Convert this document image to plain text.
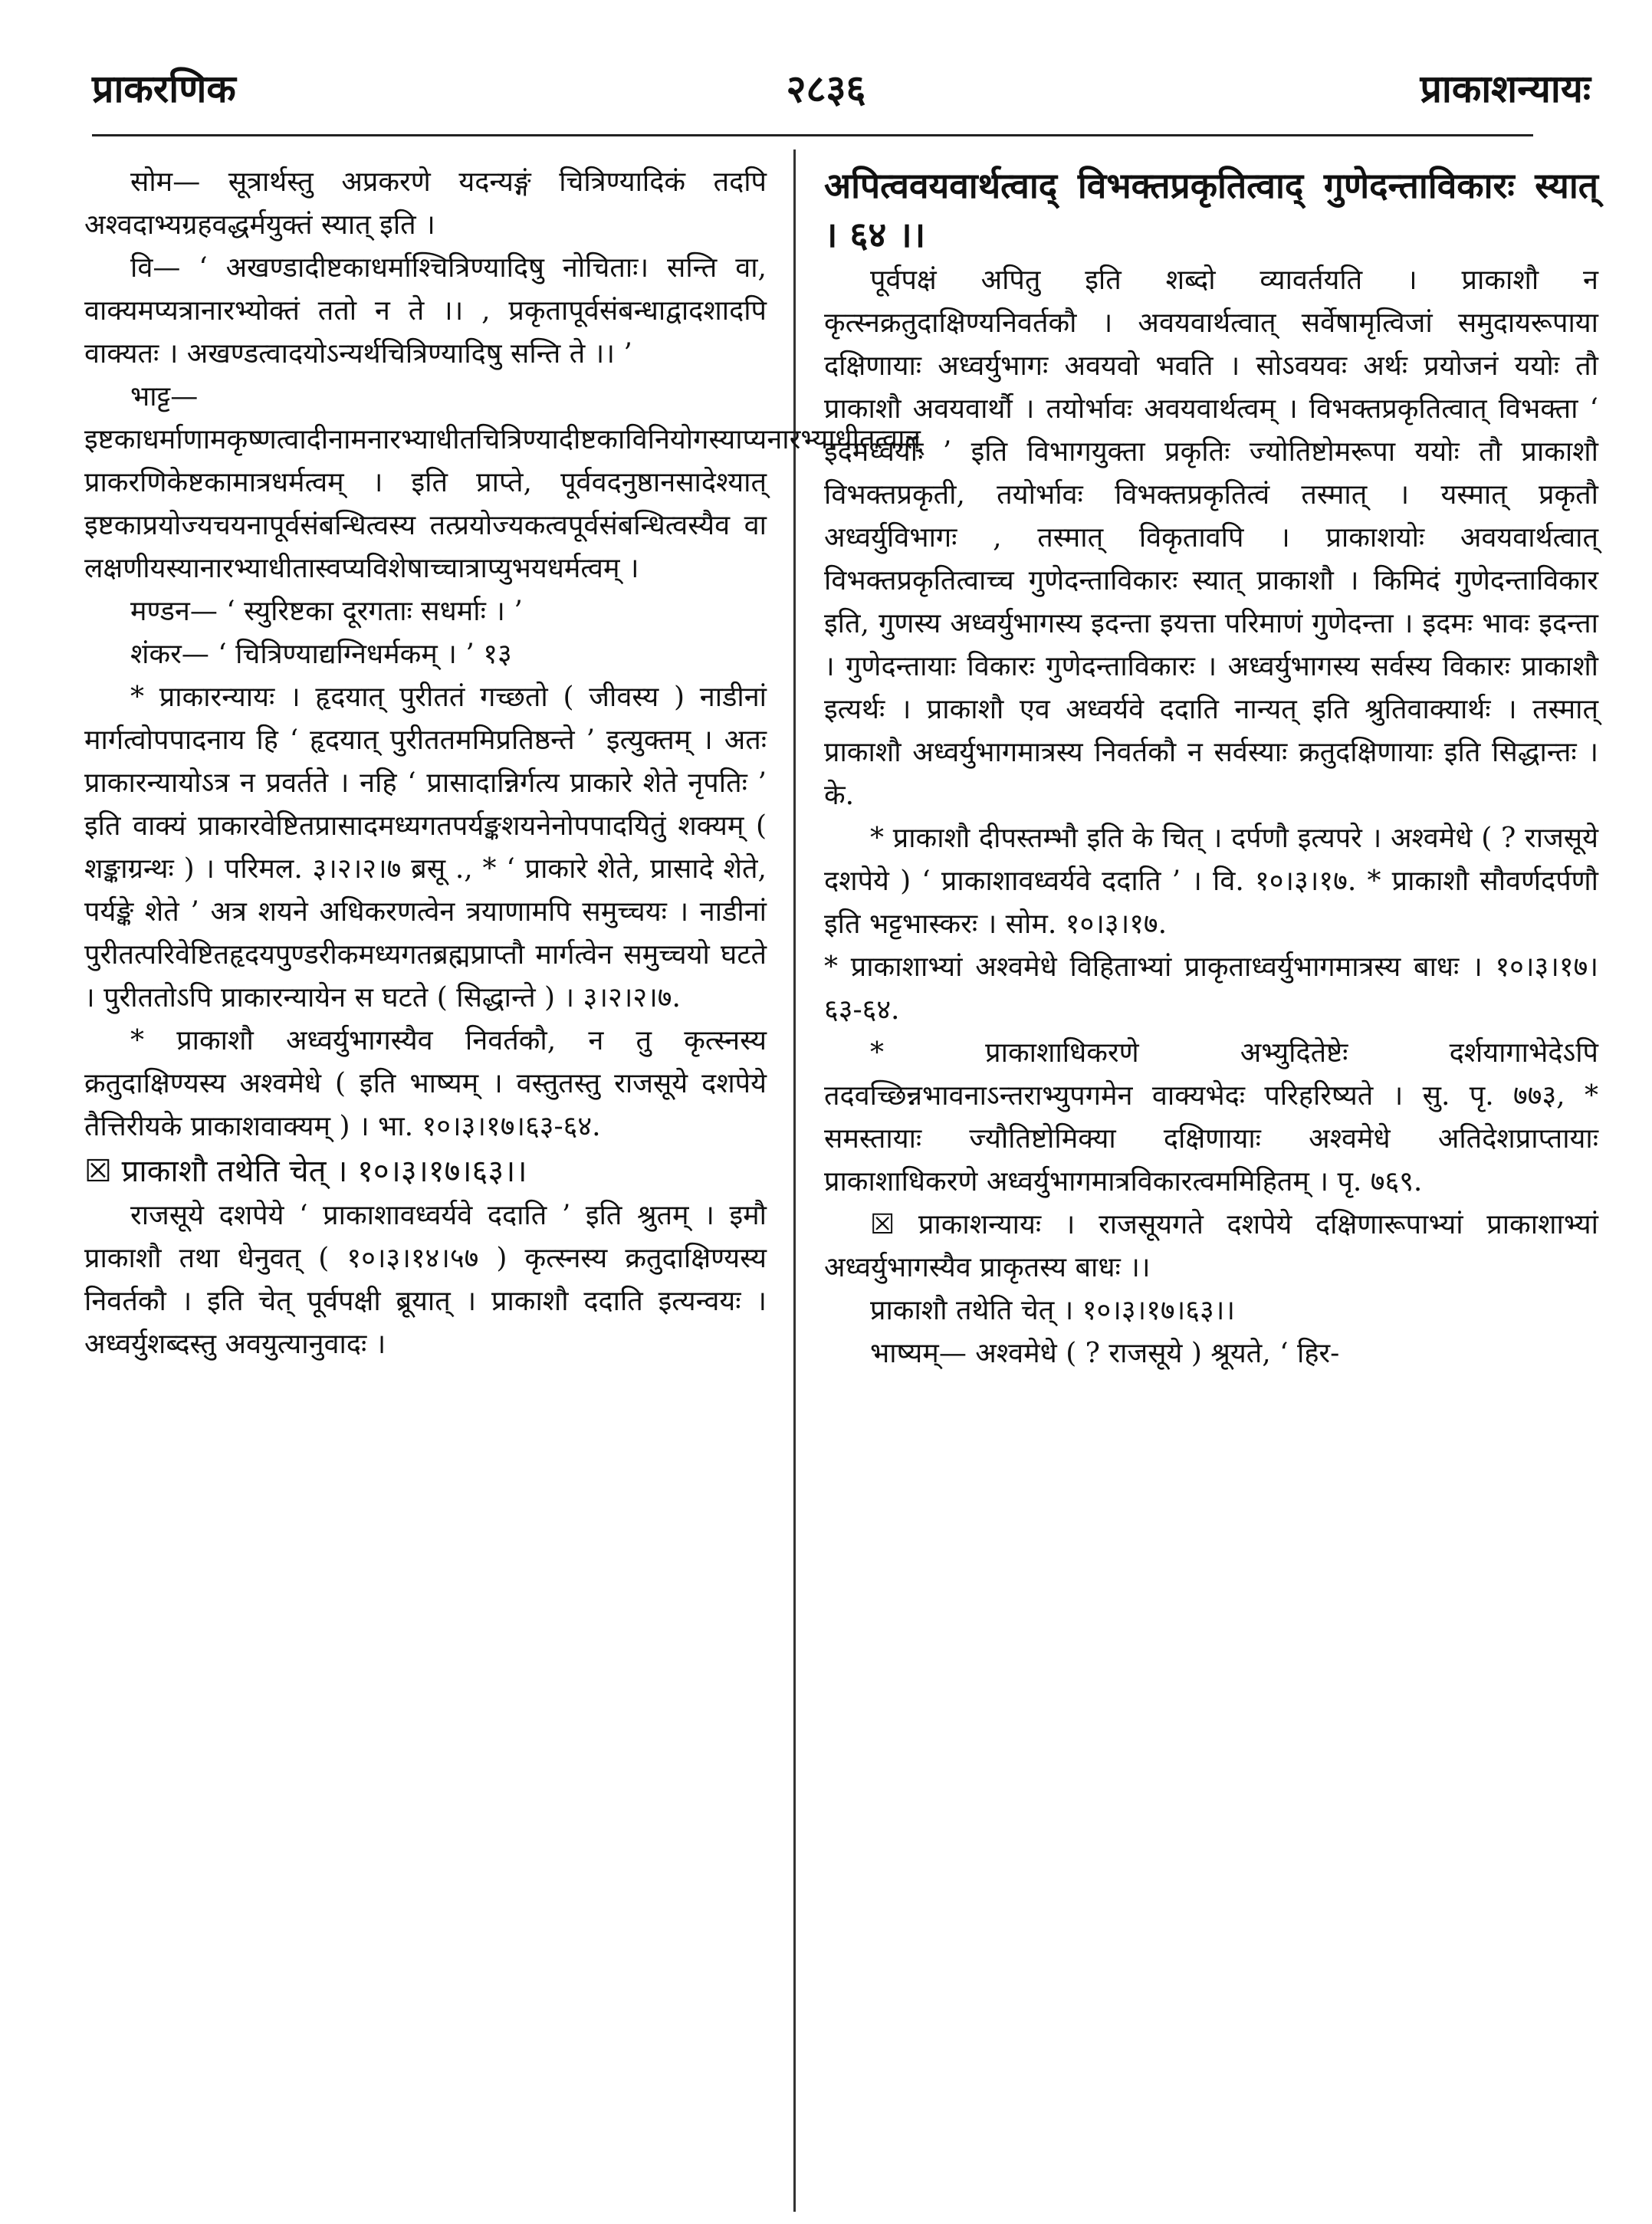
प्राकरणिक	२८३६	प्राकाशन्यायः

सोम— सूत्रार्थस्तु अप्रकरणे यदन्यङ्गं चित्रिण्यादिकं तदपि अश्वदाभ्यग्रहवद्धर्मयुक्तं स्यात् इति ।

वि— ‘ अखण्डादीष्टकाधर्माश्चित्रिण्यादिषु नोचिताः। सन्ति वा, वाक्यमप्यत्रानारभ्योक्तं ततो न ते ।। , प्रकृतापूर्वसंबन्धाद्वादशादपि वाक्यतः । अखण्डत्वादयोऽन्यर्थचित्रिण्यादिषु सन्ति ते ।। ’

भाट्ट— इष्टकाधर्माणामकृष्णत्वादीनामनारभ्याधीतचित्रिण्यादीष्टकाविनियोगस्याप्यनारभ्याधीतत्वात् प्राकरणिकेष्टकामात्रधर्मत्वम् । इति प्राप्ते, पूर्ववदनुष्ठानसादेश्यात् इष्टकाप्रयोज्यचयनापूर्वसंबन्धित्वस्य तत्प्रयोज्यकत्वपूर्वसंबन्धित्वस्यैव वा लक्षणीयस्यानारभ्याधीतास्वप्यविशेषाच्चात्राप्युभयधर्मत्वम् ।

मण्डन— ‘ स्युरिष्टका दूरगताः सधर्माः । ’

शंकर— ‘ चित्रिण्याद्यग्निधर्मकम् । ’ १३

* प्राकारन्यायः । हृदयात् पुरीततं गच्छतो ( जीवस्य ) नाडीनां मार्गत्वोपपादनाय हि ‘ हृदयात् पुरीततममिप्रतिष्ठन्ते ’ इत्युक्तम् । अतः प्राकारन्यायोऽत्र न प्रवर्तते । नहि ‘ प्रासादान्निर्गत्य प्राकारे शेते नृपतिः ’ इति वाक्यं प्राकारवेष्टितप्रासादमध्यगतपर्यङ्कशयनेनोपपादयितुं शक्यम् ( शङ्काग्रन्थः ) । परिमल. ३।२।२।७ ब्रसू ., * ‘ प्राकारे शेते, प्रासादे शेते, पर्यङ्के शेते ’ अत्र शयने अधिकरणत्वेन त्रयाणामपि समुच्चयः । नाडीनां पुरीतत्परिवेष्टितहृदयपुण्डरीकमध्यगतब्रह्मप्राप्तौ मार्गत्वेन समुच्चयो घटते । पुरीततोऽपि प्राकारन्यायेन स घटते ( सिद्धान्ते ) । ३।२।२।७.

* प्राकाशौ अध्वर्युभागस्यैव निवर्तकौ, न तु कृत्स्नस्य क्रतुदाक्षिण्यस्य अश्वमेधे ( इति भाष्यम् । वस्तुतस्तु राजसूये दशपेये तैत्तिरीयके प्राकाशवाक्यम् ) । भा. १०।३।१७।६३-६४.

☒ प्राकाशौ तथेति चेत् । १०।३।१७।६३।।

राजसूये दशपेये ‘ प्राकाशावध्वर्यवे ददाति ’ इति श्रुतम् । इमौ प्राकाशौ तथा धेनुवत् ( १०।३।१४।५७ ) कृत्स्नस्य क्रतुदाक्षिण्यस्य निवर्तकौ । इति चेत् पूर्वपक्षी ब्रूयात् । प्राकाशौ ददाति इत्यन्वयः । अध्वर्युशब्दस्तु अवयुत्यानुवादः ।

अपित्ववयवार्थत्वाद् विभक्तप्रकृतित्वाद् गुणेदन्ताविकारः स्यात् । ६४ ।।

पूर्वपक्षं अपितु इति शब्दो व्यावर्तयति । प्राकाशौ न कृत्स्नक्रतुदाक्षिण्यनिवर्तकौ । अवयवार्थत्वात् सर्वेषामृत्विजां समुदायरूपाया दक्षिणायाः अध्वर्युभागः अवयवो भवति । सोऽवयवः अर्थः प्रयोजनं ययोः तौ प्राकाशौ अवयवार्थौ । तयोर्भावः अवयवार्थत्वम् । विभक्तप्रकृतित्वात् विभक्ता ‘ इदमध्वर्योः ’ इति विभागयुक्ता प्रकृतिः ज्योतिष्टोमरूपा ययोः तौ प्राकाशौ विभक्तप्रकृती, तयोर्भावः विभक्तप्रकृतित्वं तस्मात् । यस्मात् प्रकृतौ अध्वर्युविभागः , तस्मात् विकृतावपि । प्राकाशयोः अवयवार्थत्वात् विभक्तप्रकृतित्वाच्च गुणेदन्ताविकारः स्यात् प्राकाशौ । किमिदं गुणेदन्ताविकार इति, गुणस्य अध्वर्युभागस्य इदन्ता इयत्ता परिमाणं गुणेदन्ता । इदमः भावः इदन्ता । गुणेदन्तायाः विकारः गुणेदन्ताविकारः । अध्वर्युभागस्य सर्वस्य विकारः प्राकाशौ इत्यर्थः । प्राकाशौ एव अध्वर्यवे ददाति नान्यत् इति श्रुतिवाक्यार्थः । तस्मात् प्राकाशौ अध्वर्युभागमात्रस्य निवर्तकौ न सर्वस्याः क्रतुदक्षिणायाः इति सिद्धान्तः । के.

* प्राकाशौ दीपस्तम्भौ इति के चित् । दर्पणौ इत्यपरे । अश्वमेधे ( ? राजसूये दशपेये ) ‘ प्राकाशावध्वर्यवे ददाति ’ । वि. १०।३।१७. * प्राकाशौ सौवर्णदर्पणौ इति भट्टभास्करः । सोम. १०।३।१७.

* प्राकाशाभ्यां अश्वमेधे विहिताभ्यां प्राकृताध्वर्युभागमात्रस्य बाधः । १०।३।१७।६३-६४.

* प्राकाशाधिकरणे अभ्युदितेष्टेः दर्शयागाभेदेऽपि तदवच्छिन्नभावनाऽन्तराभ्युपगमेन वाक्यभेदः परिहरिष्यते । सु. पृ. ७७३, * समस्तायाः ज्यौतिष्टोमिक्या दक्षिणायाः अश्वमेधे अतिदेशप्राप्तायाः प्राकाशाधिकरणे अध्वर्युभागमात्रविकारत्वममिहितम् । पृ. ७६९.

☒ प्राकाशन्यायः । राजसूयगते दशपेये दक्षिणारूपाभ्यां प्राकाशाभ्यां अध्वर्युभागस्यैव प्राकृतस्य बाधः ।।

प्राकाशौ तथेति चेत् । १०।३।१७।६३।।

भाष्यम्— अश्वमेधे ( ? राजसूये ) श्रूयते, ‘ हिर-
